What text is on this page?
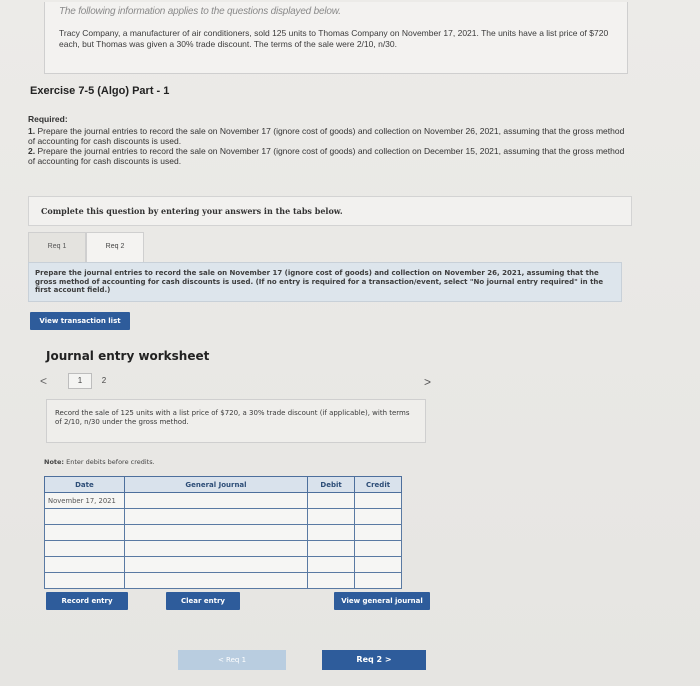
The following information applies to the questions displayed below.
Tracy Company, a manufacturer of air conditioners, sold 125 units to Thomas Company on November 17, 2021. The units have a list price of $720 each, but Thomas was given a 30% trade discount. The terms of the sale were 2/10, n/30.
Exercise 7-5 (Algo) Part - 1
Required:
1. Prepare the journal entries to record the sale on November 17 (ignore cost of goods) and collection on November 26, 2021, assuming that the gross method of accounting for cash discounts is used.
2. Prepare the journal entries to record the sale on November 17 (ignore cost of goods) and collection on December 15, 2021, assuming that the gross method of accounting for cash discounts is used.
Complete this question by entering your answers in the tabs below.
Req 1	Req 2
Prepare the journal entries to record the sale on November 17 (ignore cost of goods) and collection on November 26, 2021, assuming that the gross method of accounting for cash discounts is used. (If no entry is required for a transaction/event, select "No journal entry required" in the first account field.)
View transaction list
Journal entry worksheet
<	1	2	>
Record the sale of 125 units with a list price of $720, a 30% trade discount (if applicable), with terms of 2/10, n/30 under the gross method.
Note: Enter debits before credits.
Date	General Journal	Debit	Credit
November 17, 2021			

Record entry	Clear entry	View general journal
< Req 1	Req 2 >
